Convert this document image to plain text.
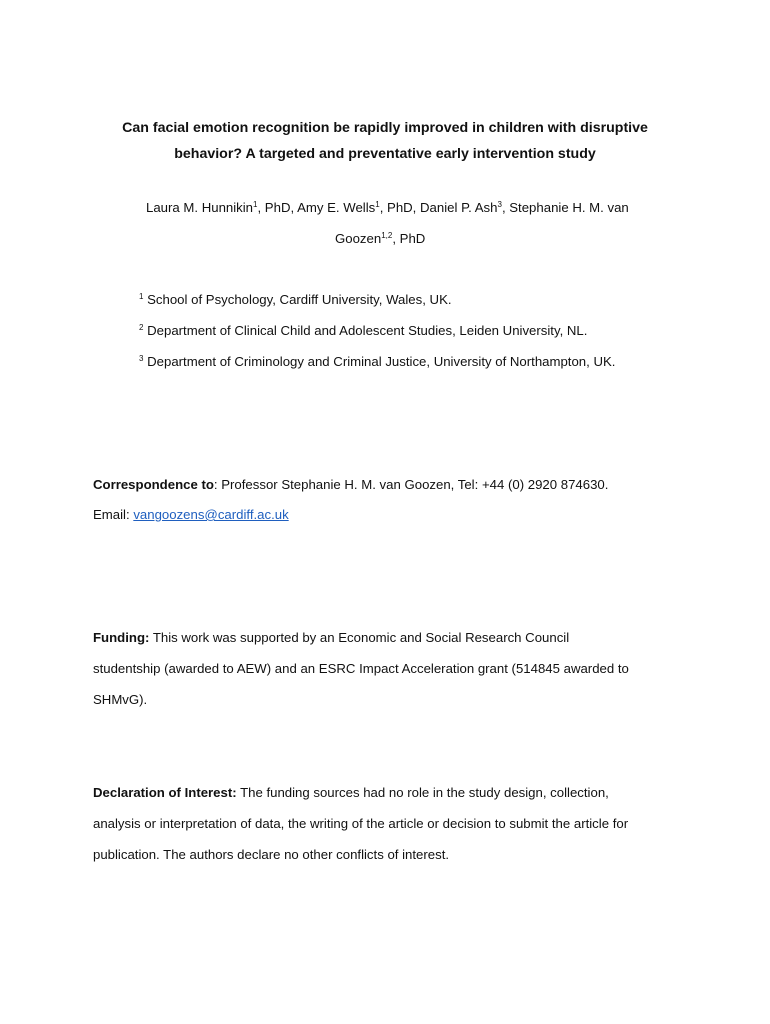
Can facial emotion recognition be rapidly improved in children with disruptive
behavior? A targeted and preventative early intervention study
Laura M. Hunnikin$^1$, PhD, Amy E. Wells$^1$, PhD, Daniel P. Ash$^3$, Stephanie H. M. van
Goozen$^{1,2}$, PhD
$^1$ School of Psychology, Cardiff University, Wales, UK.
$^2$ Department of Clinical Child and Adolescent Studies, Leiden University, NL.
$^3$ Department of Criminology and Criminal Justice, University of Northampton, UK.
Correspondence to: Professor Stephanie H. M. van Goozen, Tel: +44 (0) 2920 874630.
Email: vangoozens@cardiff.ac.uk
Funding: This work was supported by an Economic and Social Research Council
studentship (awarded to AEW) and an ESRC Impact Acceleration grant (514845 awarded to
SHMvG).
Declaration of Interest: The funding sources had no role in the study design, collection,
analysis or interpretation of data, the writing of the article or decision to submit the article for
publication. The authors declare no other conflicts of interest.
